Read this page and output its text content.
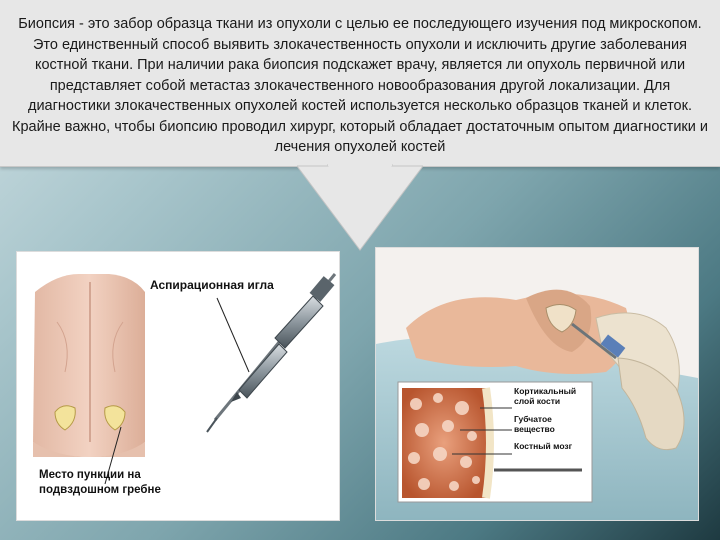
Биопсия - это забор образца ткани из опухоли с целью ее последующего изучения под микроскопом. Это единственный способ выявить злокачественность опухоли и исключить другие заболевания костной ткани. При наличии рака биопсия подскажет врачу, является ли опухоль первичной или представляет собой метастаз злокачественного новообразования другой локализации. Для диагностики злокачественных опухолей костей используется несколько образцов тканей и клеток. Крайне важно, чтобы биопсию проводил хирург, который обладает достаточным опытом диагностики и лечения опухолей костей

Аспирационная игла
Место пункции на подвздошном гребне
Кортикальный слой кости
Губчатое вещество
Костный мозг
